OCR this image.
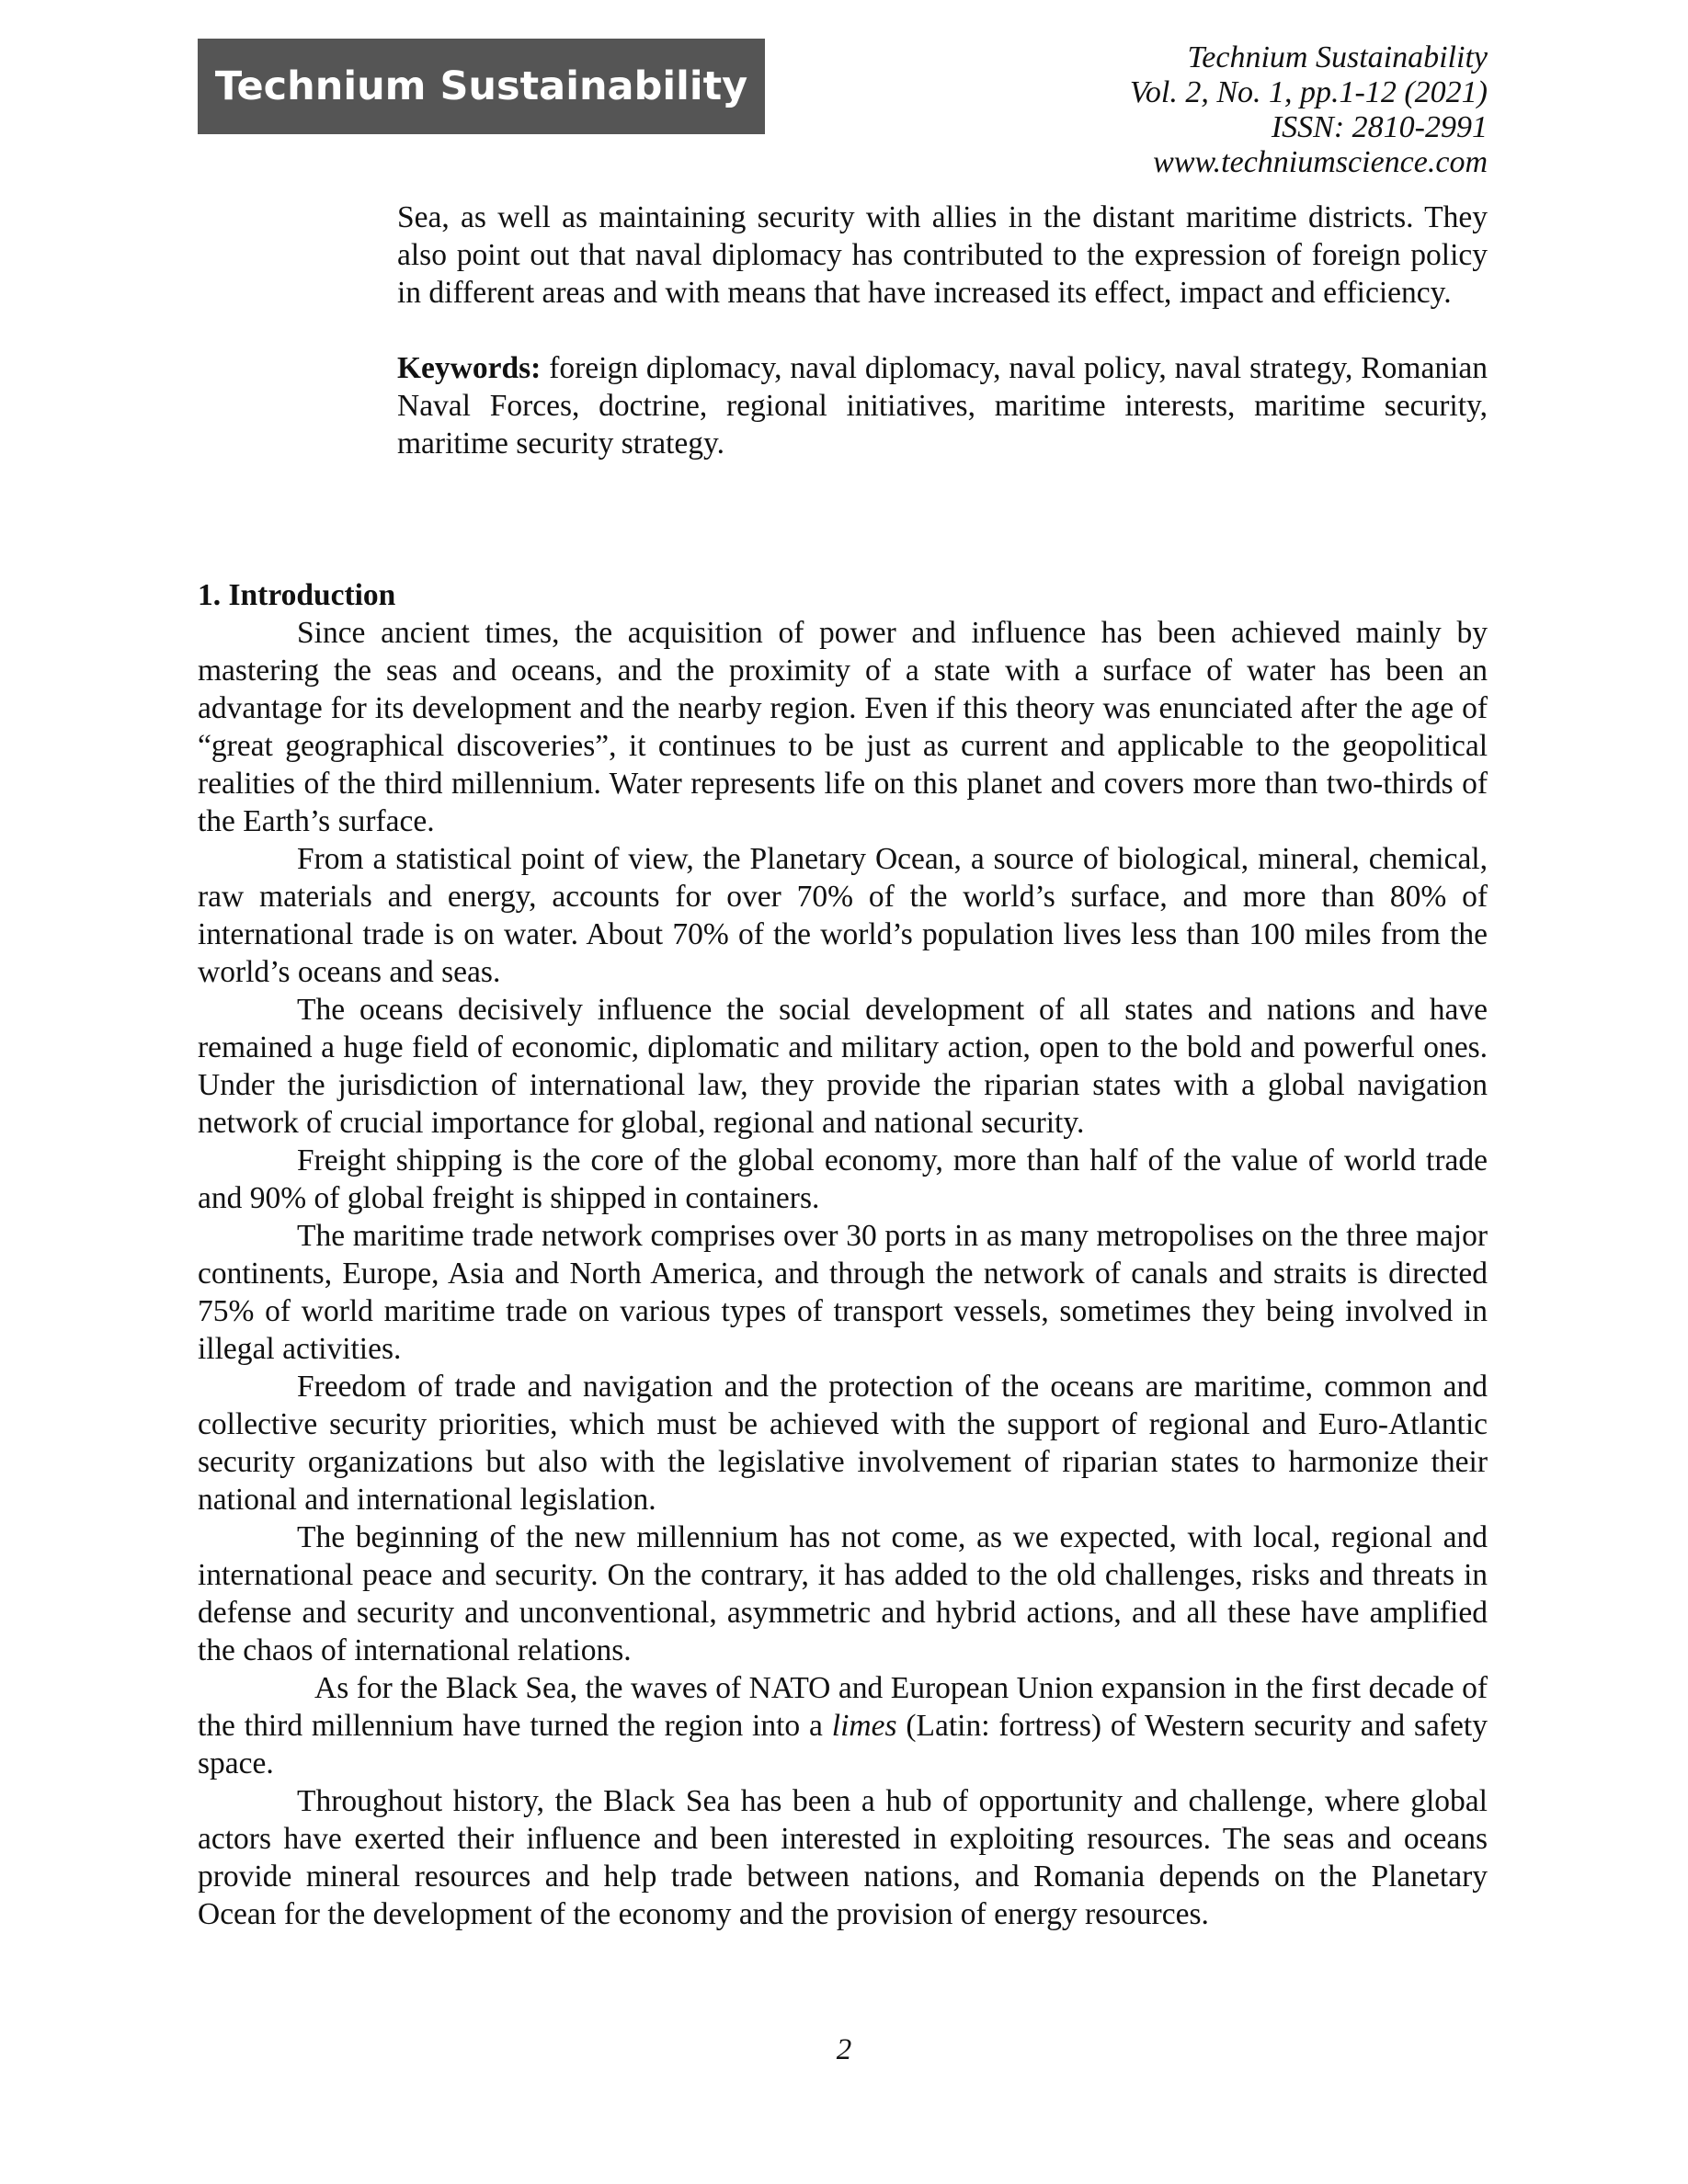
Technium Sustainability
Technium Sustainability
Vol. 2, No. 1, pp.1-12 (2021)
ISSN: 2810-2991
www.techniumscience.com

Sea, as well as maintaining security with allies in the distant maritime districts. They also point out that naval diplomacy has contributed to the expression of foreign policy in different areas and with means that have increased its effect, impact and efficiency.

Keywords: foreign diplomacy, naval diplomacy, naval policy, naval strategy, Romanian Naval Forces, doctrine, regional initiatives, maritime interests, maritime security, maritime security strategy.

1. Introduction

Since ancient times, the acquisition of power and influence has been achieved mainly by mastering the seas and oceans, and the proximity of a state with a surface of water has been an advantage for its development and the nearby region. Even if this theory was enunciated after the age of “great geographical discoveries”, it continues to be just as current and applicable to the geopolitical realities of the third millennium. Water represents life on this planet and covers more than two-thirds of the Earth’s surface.

From a statistical point of view, the Planetary Ocean, a source of biological, mineral, chemical, raw materials and energy, accounts for over 70% of the world’s surface, and more than 80% of international trade is on water. About 70% of the world’s population lives less than 100 miles from the world’s oceans and seas.

The oceans decisively influence the social development of all states and nations and have remained a huge field of economic, diplomatic and military action, open to the bold and powerful ones. Under the jurisdiction of international law, they provide the riparian states with a global navigation network of crucial importance for global, regional and national security.

Freight shipping is the core of the global economy, more than half of the value of world trade and 90% of global freight is shipped in containers.

The maritime trade network comprises over 30 ports in as many metropolises on the three major continents, Europe, Asia and North America, and through the network of canals and straits is directed 75% of world maritime trade on various types of transport vessels, sometimes they being involved in illegal activities.

Freedom of trade and navigation and the protection of the oceans are maritime, common and collective security priorities, which must be achieved with the support of regional and Euro-Atlantic security organizations but also with the legislative involvement of riparian states to harmonize their national and international legislation.

The beginning of the new millennium has not come, as we expected, with local, regional and international peace and security. On the contrary, it has added to the old challenges, risks and threats in defense and security and unconventional, asymmetric and hybrid actions, and all these have amplified the chaos of international relations.

As for the Black Sea, the waves of NATO and European Union expansion in the first decade of the third millennium have turned the region into a limes (Latin: fortress) of Western security and safety space.

Throughout history, the Black Sea has been a hub of opportunity and challenge, where global actors have exerted their influence and been interested in exploiting resources. The seas and oceans provide mineral resources and help trade between nations, and Romania depends on the Planetary Ocean for the development of the economy and the provision of energy resources.

2
